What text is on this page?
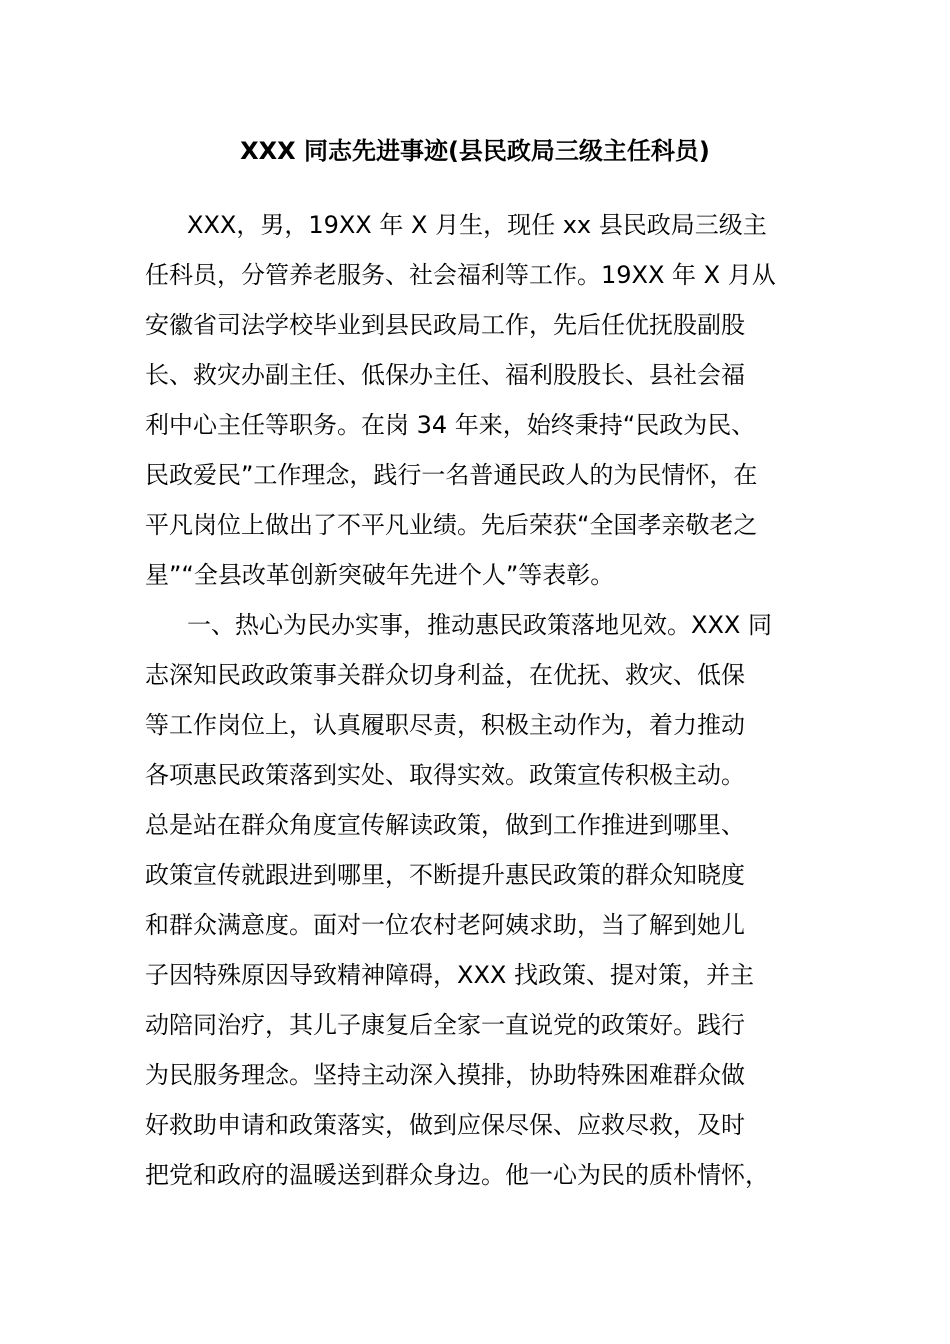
XXX 同志先进事迹(县民政局三级主任科员)
XXX，男，19XX 年 X 月生，现任 xx 县民政局三级主
任科员，分管养老服务、社会福利等工作。19XX 年 X 月从
安徽省司法学校毕业到县民政局工作，先后任优抚股副股
长、救灾办副主任、低保办主任、福利股股长、县社会福
利中心主任等职务。在岗 34 年来，始终秉持“民政为民、
民政爱民”工作理念，践行一名普通民政人的为民情怀，在
平凡岗位上做出了不平凡业绩。先后荣获“全国孝亲敬老之
星”“全县改革创新突破年先进个人”等表彰。
一、热心为民办实事，推动惠民政策落地见效。XXX 同
志深知民政政策事关群众切身利益，在优抚、救灾、低保
等工作岗位上，认真履职尽责，积极主动作为，着力推动
各项惠民政策落到实处、取得实效。政策宣传积极主动。
总是站在群众角度宣传解读政策，做到工作推进到哪里、
政策宣传就跟进到哪里，不断提升惠民政策的群众知晓度
和群众满意度。面对一位农村老阿姨求助，当了解到她儿
子因特殊原因导致精神障碍，XXX 找政策、提对策，并主
动陪同治疗，其儿子康复后全家一直说党的政策好。践行
为民服务理念。坚持主动深入摸排，协助特殊困难群众做
好救助申请和政策落实，做到应保尽保、应救尽救，及时
把党和政府的温暖送到群众身边。他一心为民的质朴情怀，
